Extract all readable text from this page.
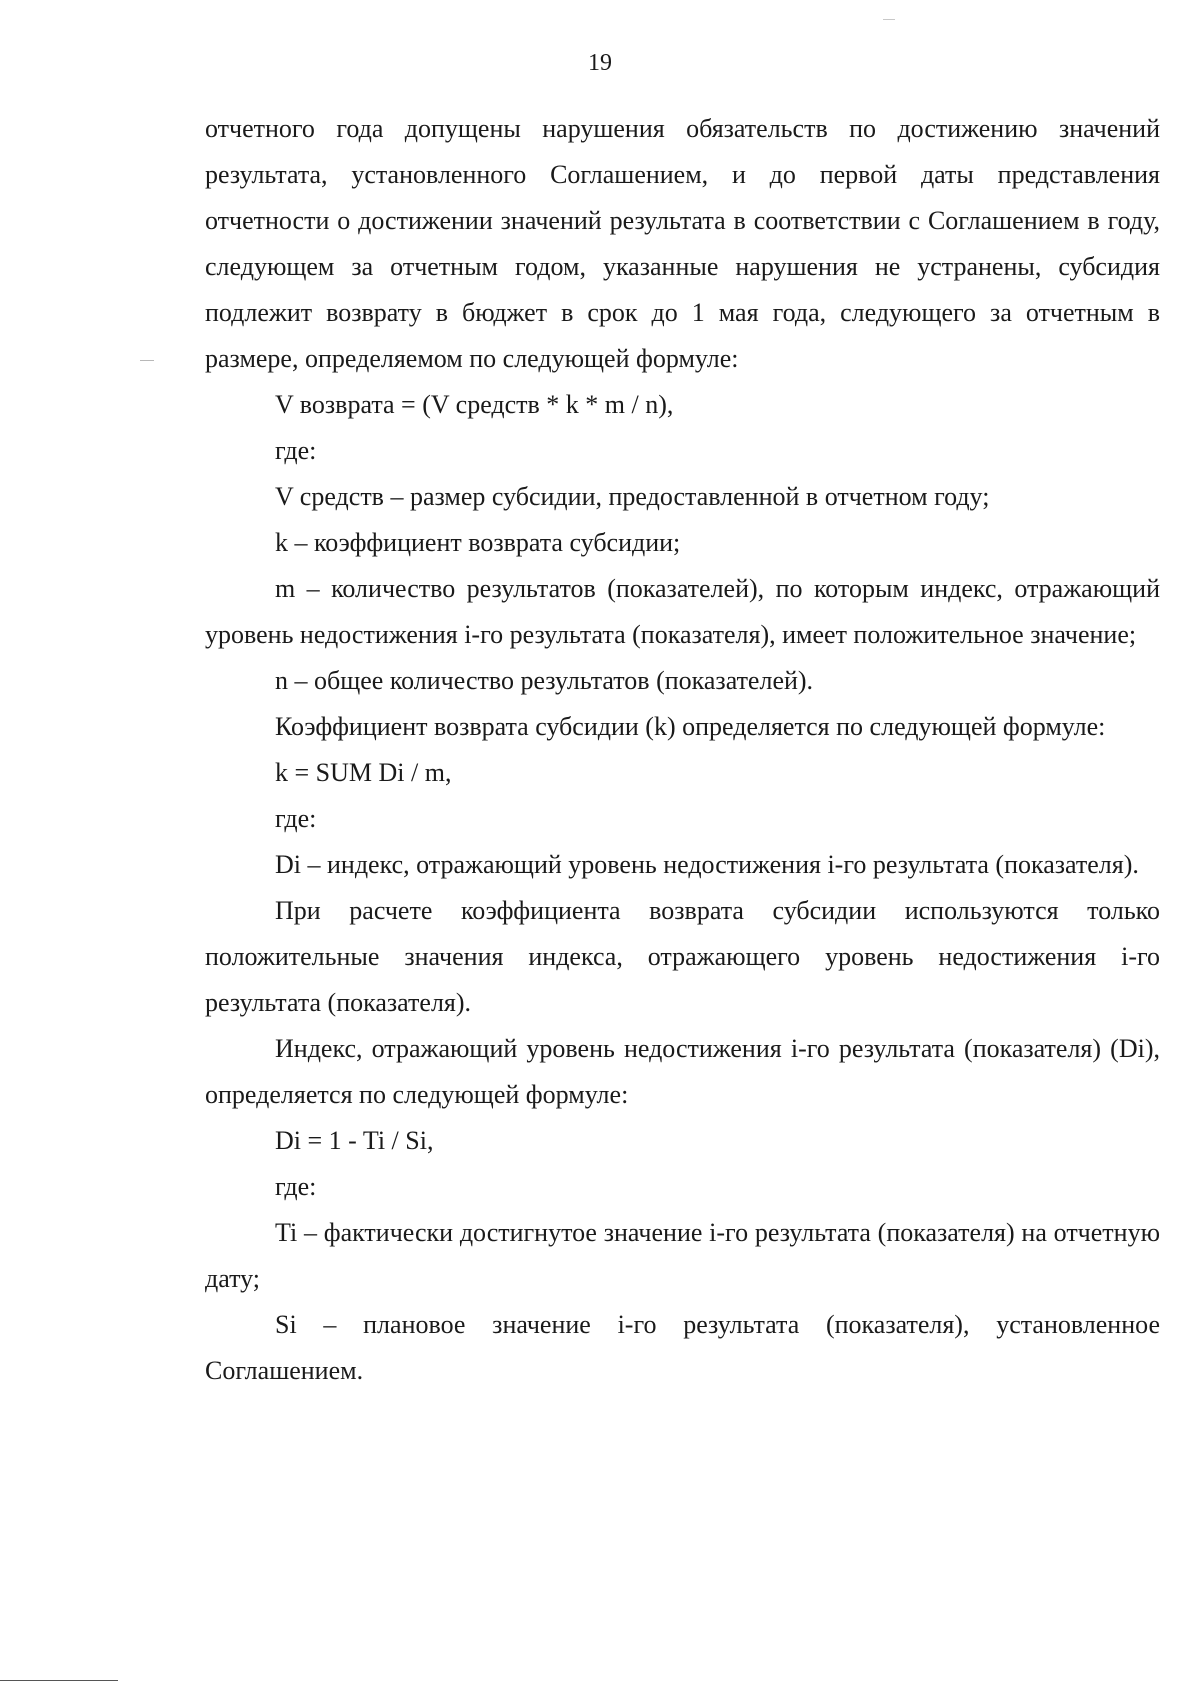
19

отчетного года допущены нарушения обязательств по достижению значений результата, установленного Соглашением, и до первой даты представления отчетности о достижении значений результата в соответствии с Соглашением в году, следующем за отчетным годом, указанные нарушения не устранены, субсидия подлежит возврату в бюджет в срок до 1 мая года, следующего за отчетным в размере, определяемом по следующей формуле:

V возврата = (V средств * k * m / n),

где:

V средств – размер субсидии, предоставленной в отчетном году;

k – коэффициент возврата субсидии;

m – количество результатов (показателей), по которым индекс, отражающий уровень недостижения i-го результата (показателя), имеет положительное значение;

n – общее количество результатов (показателей).

Коэффициент возврата субсидии (k) определяется по следующей формуле:

k = SUM Di / m,

где:

Di – индекс, отражающий уровень недостижения i-го результата (показателя).

При расчете коэффициента возврата субсидии используются только положительные значения индекса, отражающего уровень недостижения i-го результата (показателя).

Индекс, отражающий уровень недостижения i-го результата (показателя) (Di), определяется по следующей формуле:

Di = 1 - Ti / Si,

где:

Ti – фактически достигнутое значение i-го результата (показателя) на отчетную дату;

Si – плановое значение i-го результата (показателя), установленное Соглашением.
